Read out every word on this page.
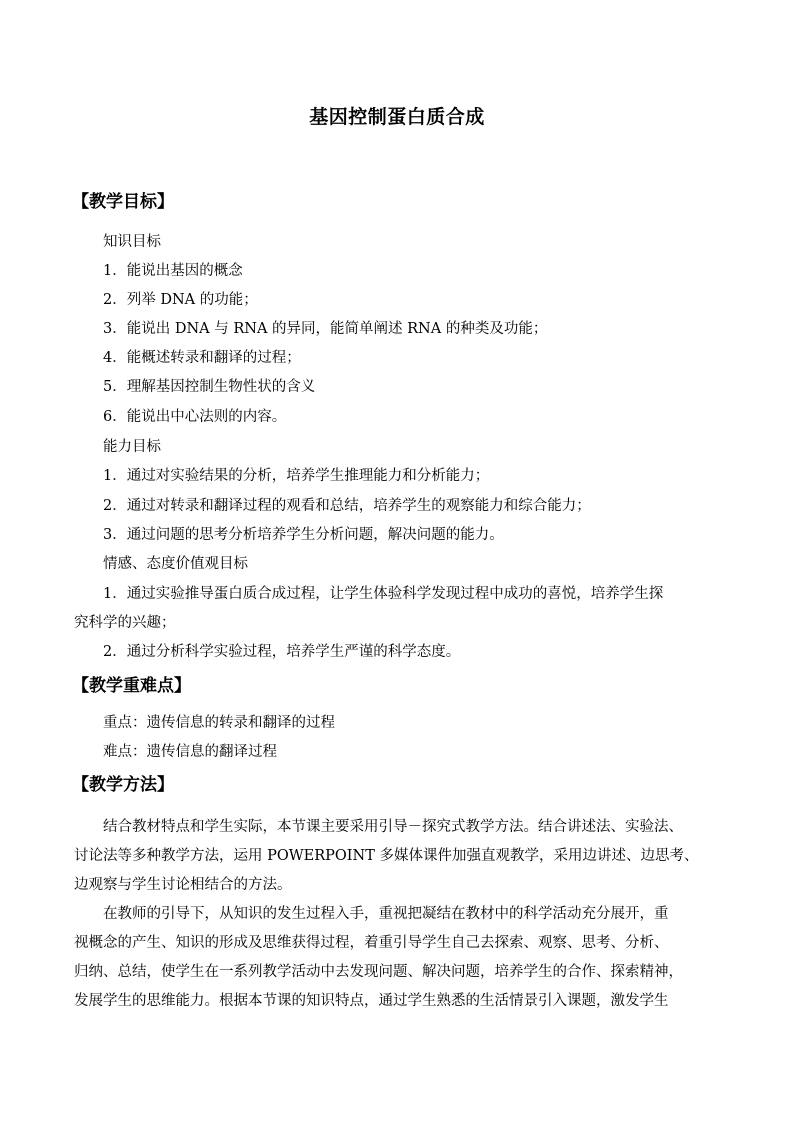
基因控制蛋白质合成
【教学目标】
知识目标
1．能说出基因的概念
2．列举 DNA 的功能；
3．能说出 DNA 与 RNA 的异同，能简单阐述 RNA 的种类及功能；
4．能概述转录和翻译的过程；
5．理解基因控制生物性状的含义
6．能说出中心法则的内容。
能力目标
1．通过对实验结果的分析，培养学生推理能力和分析能力；
2．通过对转录和翻译过程的观看和总结，培养学生的观察能力和综合能力；
3．通过问题的思考分析培养学生分析问题，解决问题的能力。
情感、态度价值观目标
1．通过实验推导蛋白质合成过程，让学生体验科学发现过程中成功的喜悦，培养学生探
究科学的兴趣；
2．通过分析科学实验过程，培养学生严谨的科学态度。
【教学重难点】
重点：遗传信息的转录和翻译的过程
难点：遗传信息的翻译过程
【教学方法】
结合教材特点和学生实际，本节课主要采用引导－探究式教学方法。结合讲述法、实验法、
讨论法等多种教学方法，运用 POWERPOINT 多媒体课件加强直观教学，采用边讲述、边思考、
边观察与学生讨论相结合的方法。
在教师的引导下，从知识的发生过程入手，重视把凝结在教材中的科学活动充分展开，重
视概念的产生、知识的形成及思维获得过程，着重引导学生自己去探索、观察、思考、分析、
归纳、总结，使学生在一系列教学活动中去发现问题、解决问题，培养学生的合作、探索精神，
发展学生的思维能力。根据本节课的知识特点，通过学生熟悉的生活情景引入课题，激发学生
